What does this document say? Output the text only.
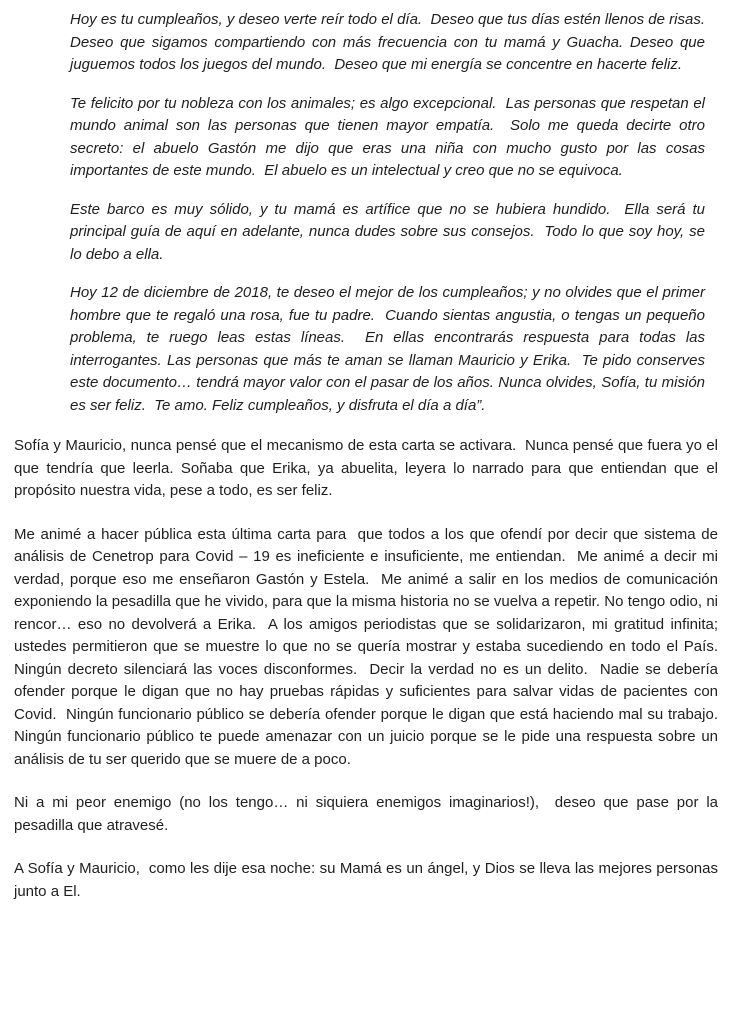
Hoy es tu cumpleaños, y deseo verte reír todo el día.  Deseo que tus días estén llenos de risas. Deseo que sigamos compartiendo con más frecuencia con tu mamá y Guacha. Deseo que juguemos todos los juegos del mundo.  Deseo que mi energía se concentre en hacerte feliz.

Te felicito por tu nobleza con los animales; es algo excepcional.  Las personas que respetan el mundo animal son las personas que tienen mayor empatía.  Solo me queda decirte otro secreto: el abuelo Gastón me dijo que eras una niña con mucho gusto por las cosas importantes de este mundo.  El abuelo es un intelectual y creo que no se equivoca.

Este barco es muy sólido, y tu mamá es artífice que no se hubiera hundido.  Ella será tu principal guía de aquí en adelante, nunca dudes sobre sus consejos.  Todo lo que soy hoy, se lo debo a ella.

Hoy 12 de diciembre de 2018, te deseo el mejor de los cumpleaños; y no olvides que el primer hombre que te regaló una rosa, fue tu padre.  Cuando sientas angustia, o tengas un pequeño problema, te ruego leas estas líneas.  En ellas encontrarás respuesta para todas las interrogantes. Las personas que más te aman se llaman Mauricio y Erika.  Te pido conserves este documento… tendrá mayor valor con el pasar de los años. Nunca olvides, Sofía, tu misión es ser feliz.  Te amo. Feliz cumpleaños, y disfruta el día a día”.

Sofía y Mauricio, nunca pensé que el mecanismo de esta carta se activara.  Nunca pensé que fuera yo el que tendría que leerla. Soñaba que Erika, ya abuelita, leyera lo narrado para que entiendan que el propósito nuestra vida, pese a todo, es ser feliz.

Me animé a hacer pública esta última carta para  que todos a los que ofendí por decir que sistema de análisis de Cenetrop para Covid – 19 es ineficiente e insuficiente, me entiendan.  Me animé a decir mi verdad, porque eso me enseñaron Gastón y Estela.  Me animé a salir en los medios de comunicación exponiendo la pesadilla que he vivido, para que la misma historia no se vuelva a repetir. No tengo odio, ni rencor… eso no devolverá a Erika.  A los amigos periodistas que se solidarizaron, mi gratitud infinita; ustedes permitieron que se muestre lo que no se quería mostrar y estaba sucediendo en todo el País.  Ningún decreto silenciará las voces disconformes.  Decir la verdad no es un delito.  Nadie se debería ofender porque le digan que no hay pruebas rápidas y suficientes para salvar vidas de pacientes con Covid.  Ningún funcionario público se debería ofender porque le digan que está haciendo mal su trabajo.  Ningún funcionario público te puede amenazar con un juicio porque se le pide una respuesta sobre un análisis de tu ser querido que se muere de a poco.

Ni a mi peor enemigo (no los tengo… ni siquiera enemigos imaginarios!),  deseo que pase por la pesadilla que atravesé.

A Sofía y Mauricio,  como les dije esa noche: su Mamá es un ángel, y Dios se lleva las mejores personas junto a El.
